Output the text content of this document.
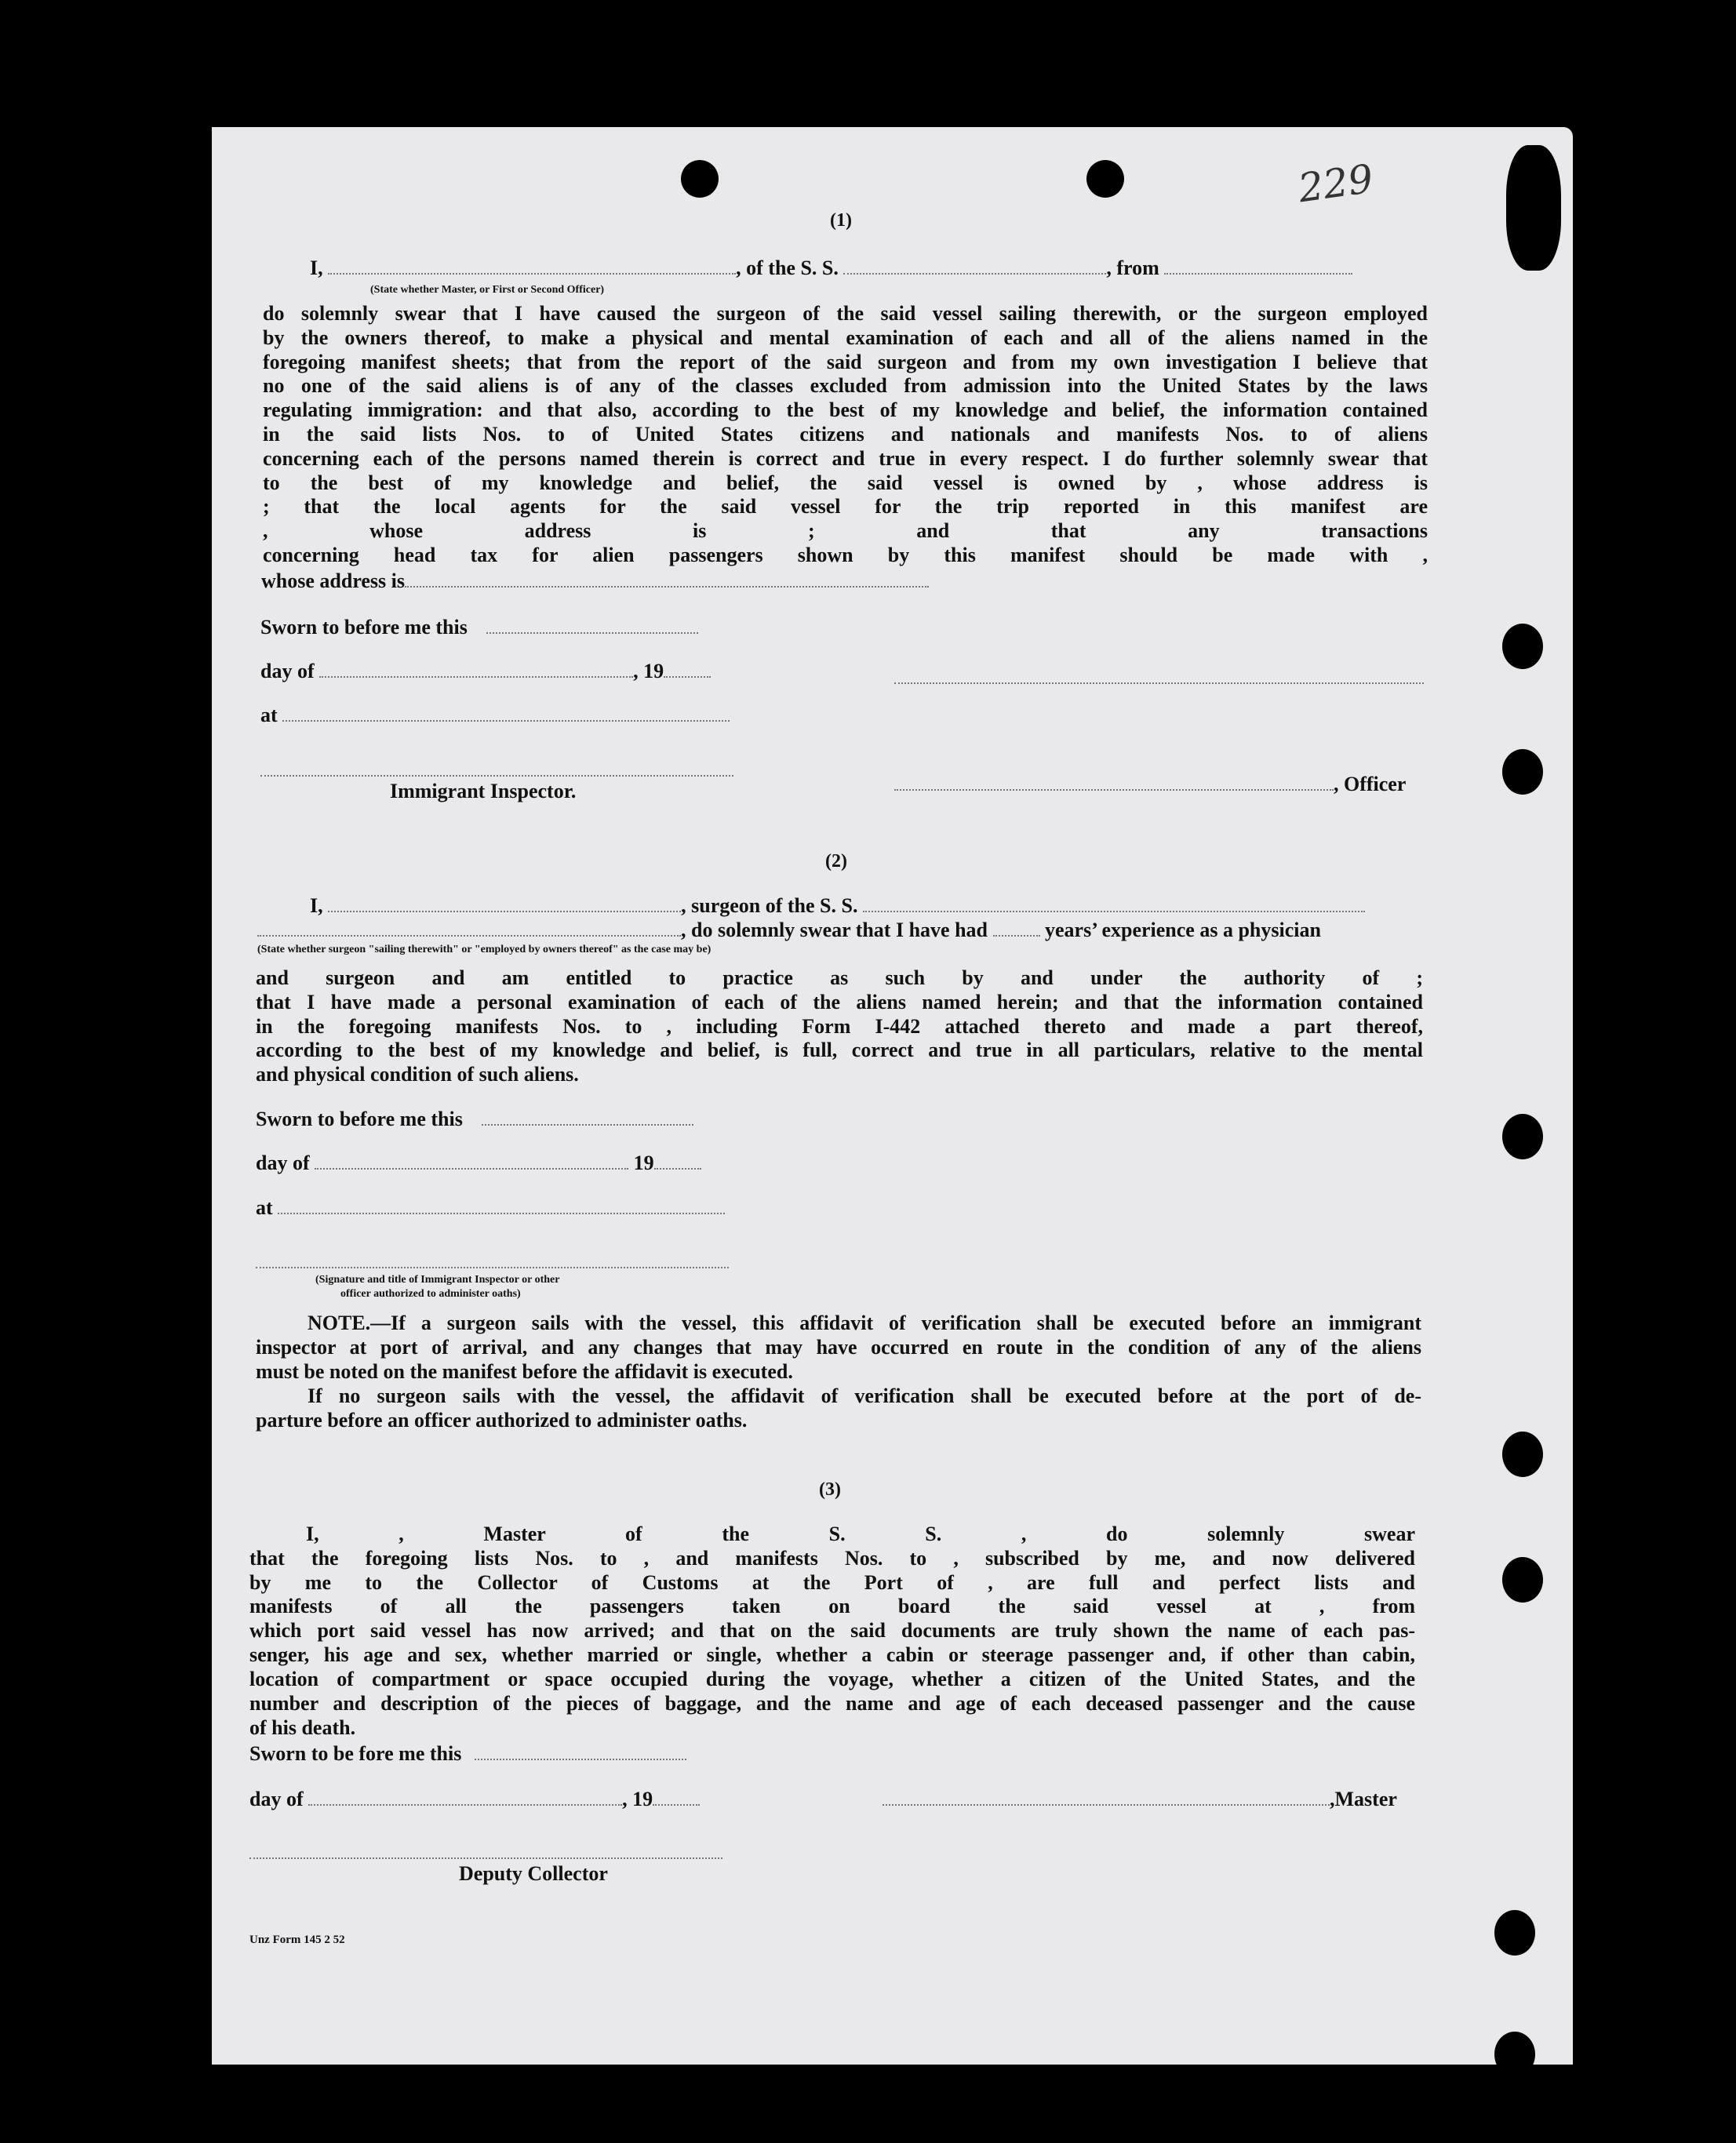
229
(1)
I,	, of the S. S.	, from
(State whether Master, or First or Second Officer)
do solemnly swear that I have caused the surgeon of the said vessel sailing therewith, or the surgeon employed
by the owners thereof, to make a physical and mental examination of each and all of the aliens named in the
foregoing manifest sheets; that from the report of the said surgeon and from my own investigation I believe that
no one of the said aliens is of any of the classes excluded from admission into the United States by the laws
regulating immigration: and that also, according to the best of my knowledge and belief, the information contained
in the said lists Nos. to of United States citizens and nationals and manifests Nos. to of aliens
concerning each of the persons named therein is correct and true in every respect. I do further solemnly swear that
to the best of my knowledge and belief, the said vessel is owned by , whose address is
; that the local agents for the said vessel for the trip reported in this manifest are
, whose address is ; and that any transactions
concerning head tax for alien passengers shown by this manifest should be made with ,
whose address is
Sworn to before me this
day of	, 19
at
Immigrant Inspector.	, Officer
(2)
I,	, surgeon of the S. S.
, do solemnly swear that I have had	years’ experience as a physician
(State whether surgeon "sailing therewith" or "employed by owners thereof" as the case may be)
and surgeon and am entitled to practice as such by and under the authority of ;
that I have made a personal examination of each of the aliens named herein; and that the information contained
in the foregoing manifests Nos. to , including Form I-442 attached thereto and made a part thereof,
according to the best of my knowledge and belief, is full, correct and true in all particulars, relative to the mental
and physical condition of such aliens.
Sworn to before me this
day of	19
at
(Signature and title of Immigrant Inspector or other
officer authorized to administer oaths)
NOTE.—If a surgeon sails with the vessel, this affidavit of verification shall be executed before an immigrant
inspector at port of arrival, and any changes that may have occurred en route in the condition of any of the aliens
must be noted on the manifest before the affidavit is executed.
If no surgeon sails with the vessel, the affidavit of verification shall be executed before at the port of de-
parture before an officer authorized to administer oaths.
(3)
I, , Master of the S. S. , do solemnly swear
that the foregoing lists Nos. to , and manifests Nos. to , subscribed by me, and now delivered
by me to the Collector of Customs at the Port of , are full and perfect lists and
manifests of all the passengers taken on board the said vessel at , from
which port said vessel has now arrived; and that on the said documents are truly shown the name of each pas-
senger, his age and sex, whether married or single, whether a cabin or steerage passenger and, if other than cabin,
location of compartment or space occupied during the voyage, whether a citizen of the United States, and the
number and description of the pieces of baggage, and the name and age of each deceased passenger and the cause
of his death.
Sworn to be fore me this
day of	, 19	,Master
Deputy Collector
Unz Form 145 2 52
